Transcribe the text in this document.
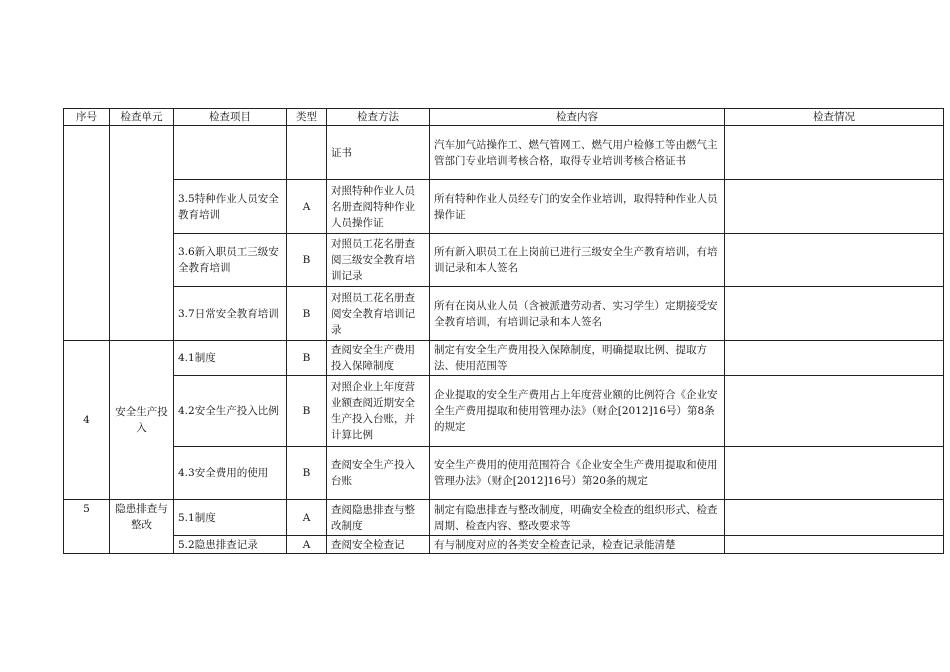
序号	检查单元	检查项目	类型	检查方法	检查内容	检查情况
				证书	汽车加气站操作工、燃气管网工、燃气用户检修工等由燃气主管部门专业培训考核合格，取得专业培训考核合格证书	
		3.5特种作业人员安全教育培训	A	对照特种作业人员名册查阅特种作业人员操作证	所有特种作业人员经专门的安全作业培训，取得特种作业人员操作证	
		3.6新入职员工三级安全教育培训	B	对照员工花名册查阅三级安全教育培训记录	所有新入职员工在上岗前已进行三级安全生产教育培训，有培训记录和本人签名	
		3.7日常安全教育培训	B	对照员工花名册查阅安全教育培训记录	所有在岗从业人员（含被派遣劳动者、实习学生）定期接受安全教育培训，有培训记录和本人签名	
4	安全生产投入	4.1制度	B	查阅安全生产费用投入保障制度	制定有安全生产费用投入保障制度，明确提取比例、提取方法、使用范围等	
		4.2安全生产投入比例	B	对照企业上年度营业额查阅近期安全生产投入台账，并计算比例	企业提取的安全生产费用占上年度营业额的比例符合《企业安全生产费用提取和使用管理办法》（财企[2012]16号）第8条的规定	
		4.3安全费用的使用	B	查阅安全生产投入台账	安全生产费用的使用范围符合《企业安全生产费用提取和使用管理办法》（财企[2012]16号）第20条的规定	
5	隐患排查与整改	5.1制度	A	查阅隐患排查与整改制度	制定有隐患排查与整改制度，明确安全检查的组织形式、检查周期、检查内容、整改要求等	
		5.2隐患排查记录	A	查阅安全检查记	有与制度对应的各类安全检查记录，检查记录能清楚	
